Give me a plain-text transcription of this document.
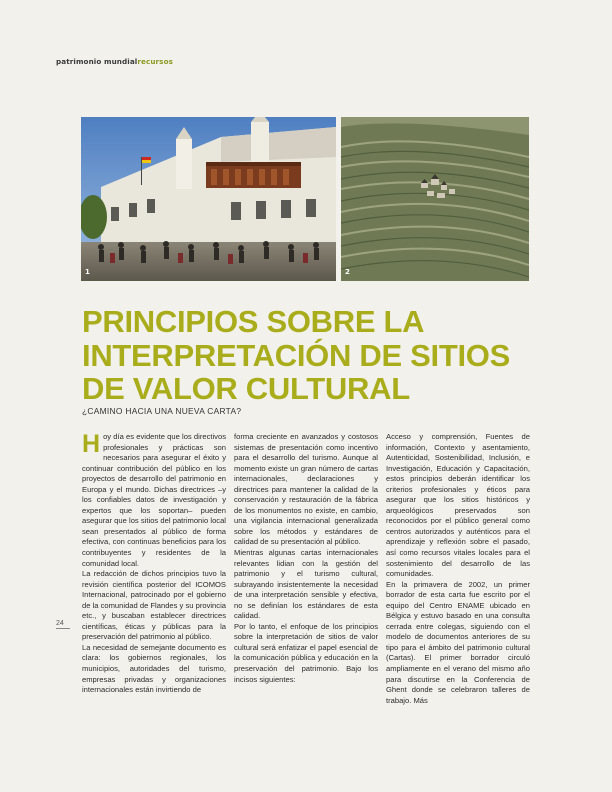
patrimonio mundialrecursos
1	2
PRINCIPIOS SOBRE LA
INTERPRETACIÓN DE SITIOS
DE VALOR CULTURAL
¿CAMINO HACIA UNA NUEVA CARTA?
24

Hoy día es evidente que los directivos profesionales y prácticas son necesarios para asegurar el éxito y continuar contribución del público en los proyectos de desarrollo del patrimonio en Europa y el mundo. Dichas directrices –y los confiables datos de investigación y expertos que los soportan– pueden asegurar que los sitios del patrimonio local sean presentados al público de forma efectiva, con continuas beneficios para los contribuyentes y residentes de la comunidad local.

La redacción de dichos principios tuvo la revisión científica posterior del ICOMOS Internacional, patrocinado por el gobierno de la comunidad de Flandes y su provincia etc., y buscaban establecer directrices científicas, éticas y públicas para la preservación del patrimonio al público.

La necesidad de semejante documento es clara: los gobiernos regionales, los municipios, autoridades del turismo, empresas privadas y organizaciones internacionales están invirtiendo de

forma creciente en avanzados y costosos sistemas de presentación como incentivo para el desarrollo del turismo. Aunque al momento existe un gran número de cartas internacionales, declaraciones y directrices para mantener la calidad de la conservación y restauración de la fábrica de los monumentos no existe, en cambio, una vigilancia internacional generalizada sobre los métodos y estándares de calidad de su presentación al público.

Mientras algunas cartas internacionales relevantes lidian con la gestión del patrimonio y el turismo cultural, subrayando insistentemente la necesidad de una interpretación sensible y efectiva, no se definían los estándares de esta calidad.

Por lo tanto, el enfoque de los principios sobre la interpretación de sitios de valor cultural será enfatizar el papel esencial de la comunicación pública y educación en la preservación del patrimonio. Bajo los incisos siguientes:

Acceso y comprensión, Fuentes de información, Contexto y asentamiento, Autenticidad, Sostenibilidad, Inclusión, e Investigación, Educación y Capacitación, estos principios deberán identificar los criterios profesionales y éticos para asegurar que los sitios históricos y arqueológicos preservados son reconocidos por el público general como centros autorizados y auténticos para el aprendizaje y reflexión sobre el pasado, así como recursos vitales locales para el sostenimiento del desarrollo de las comunidades.

En la primavera de 2002, un primer borrador de esta carta fue escrito por el equipo del Centro ENAME ubicado en Bélgica y estuvo basado en una consulta cerrada entre colegas, siguiendo con el modelo de documentos anteriores de su tipo para el ámbito del patrimonio cultural (Cartas). El primer borrador circuló ampliamente en el verano del mismo año para discutirse en la Conferencia de Ghent donde se celebraron talleres de trabajo. Más
